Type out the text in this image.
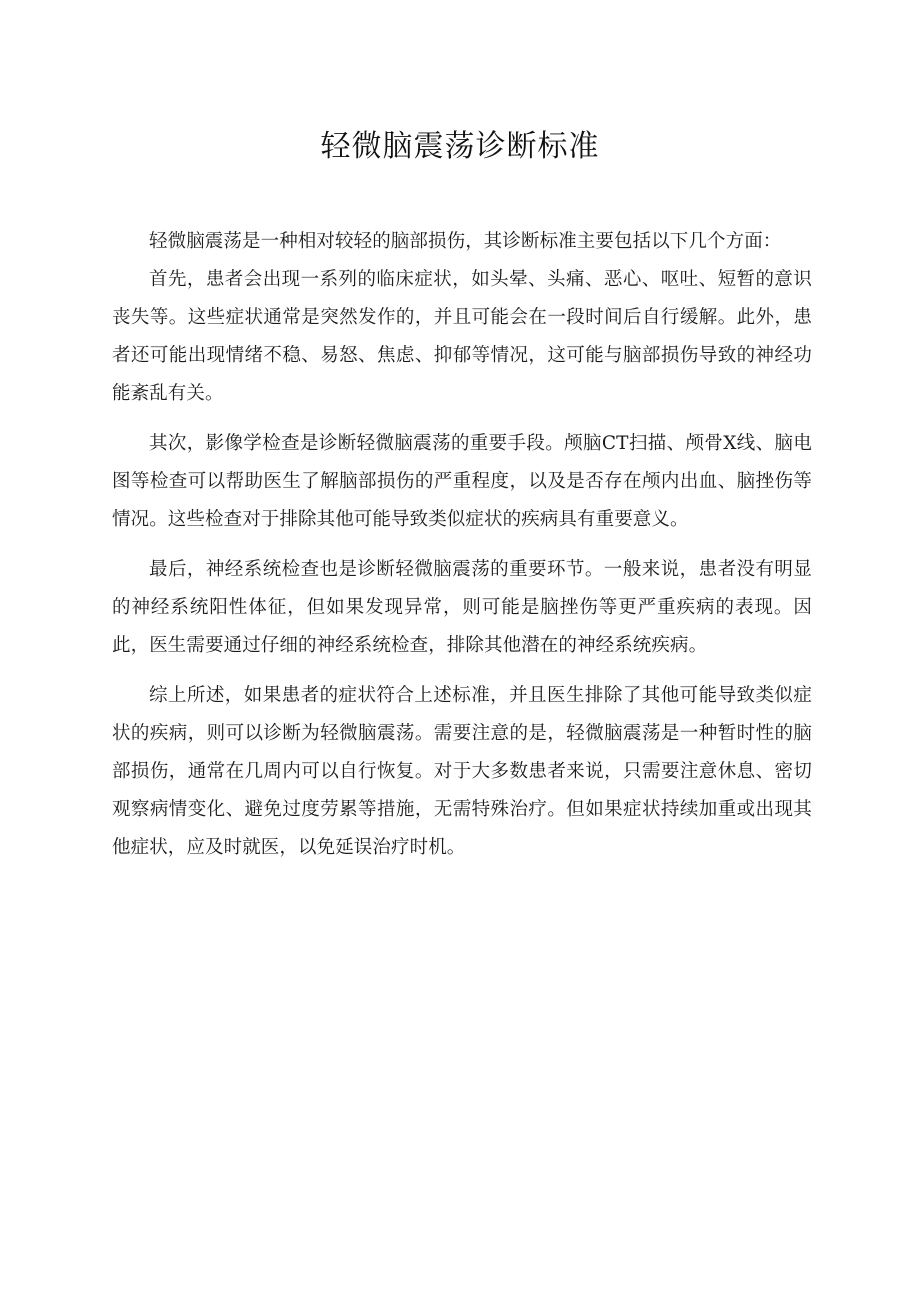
轻微脑震荡诊断标准

轻微脑震荡是一种相对较轻的脑部损伤，其诊断标准主要包括以下几个方面：

首先，患者会出现一系列的临床症状，如头晕、头痛、恶心、呕吐、短暂的意识丧失等。这些症状通常是突然发作的，并且可能会在一段时间后自行缓解。此外，患者还可能出现情绪不稳、易怒、焦虑、抑郁等情况，这可能与脑部损伤导致的神经功能紊乱有关。

其次，影像学检查是诊断轻微脑震荡的重要手段。颅脑CT扫描、颅骨X线、脑电图等检查可以帮助医生了解脑部损伤的严重程度，以及是否存在颅内出血、脑挫伤等情况。这些检查对于排除其他可能导致类似症状的疾病具有重要意义。

最后，神经系统检查也是诊断轻微脑震荡的重要环节。一般来说，患者没有明显的神经系统阳性体征，但如果发现异常，则可能是脑挫伤等更严重疾病的表现。因此，医生需要通过仔细的神经系统检查，排除其他潜在的神经系统疾病。

综上所述，如果患者的症状符合上述标准，并且医生排除了其他可能导致类似症状的疾病，则可以诊断为轻微脑震荡。需要注意的是，轻微脑震荡是一种暂时性的脑部损伤，通常在几周内可以自行恢复。对于大多数患者来说，只需要注意休息、密切观察病情变化、避免过度劳累等措施，无需特殊治疗。但如果症状持续加重或出现其他症状，应及时就医，以免延误治疗时机。
